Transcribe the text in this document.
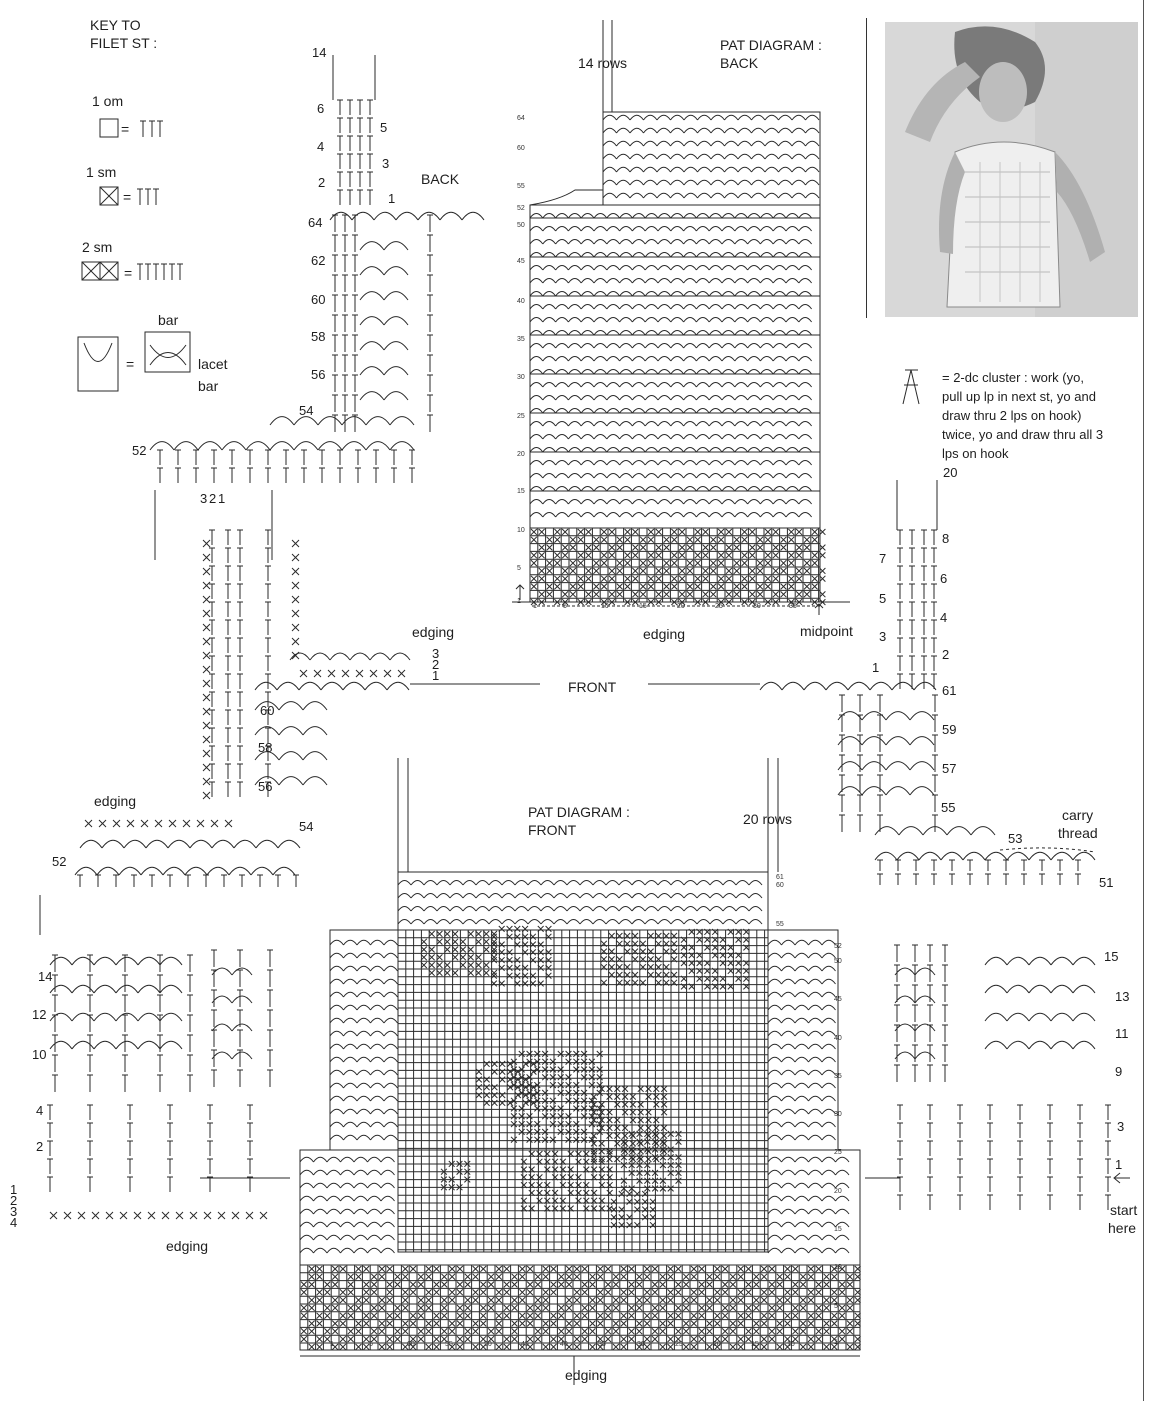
KEY TO
FILET ST :
1 om
1 sm
2 sm
=
=
=
=
bar
lacet
bar
= 2-dc cluster : work (yo,
pull up lp in next st, yo and
draw thru 2 lps on hook)
twice, yo and draw thru all 3
lps on hook
PAT DIAGRAM :
BACK
14 rows
edging	midpoint
64
60
55
52
50
45
40
35
30
25
20
15
10
5
1
1	5	10	15	20	25	30	35
PAT DIAGRAM :
FRONT
20 rows
edging
61
60
55
52
50
45
40
35
30
25
20
15
10
5
1
60	55	50	45	40	35	30	25	20	15	10
5
1
BACK
14
6
5
4
3
2
1
64
62
60
58
56
54
52
3 2 1
edging
3
2
1
60
58
56
54
52
edging
FRONT
20
8
7
6
5
4
3
2
1
61
59
57
55
53
51
carry
thread
14
12
10
4
2
1
2
3
4
edging
15
13
11
9
3
1
start
here
